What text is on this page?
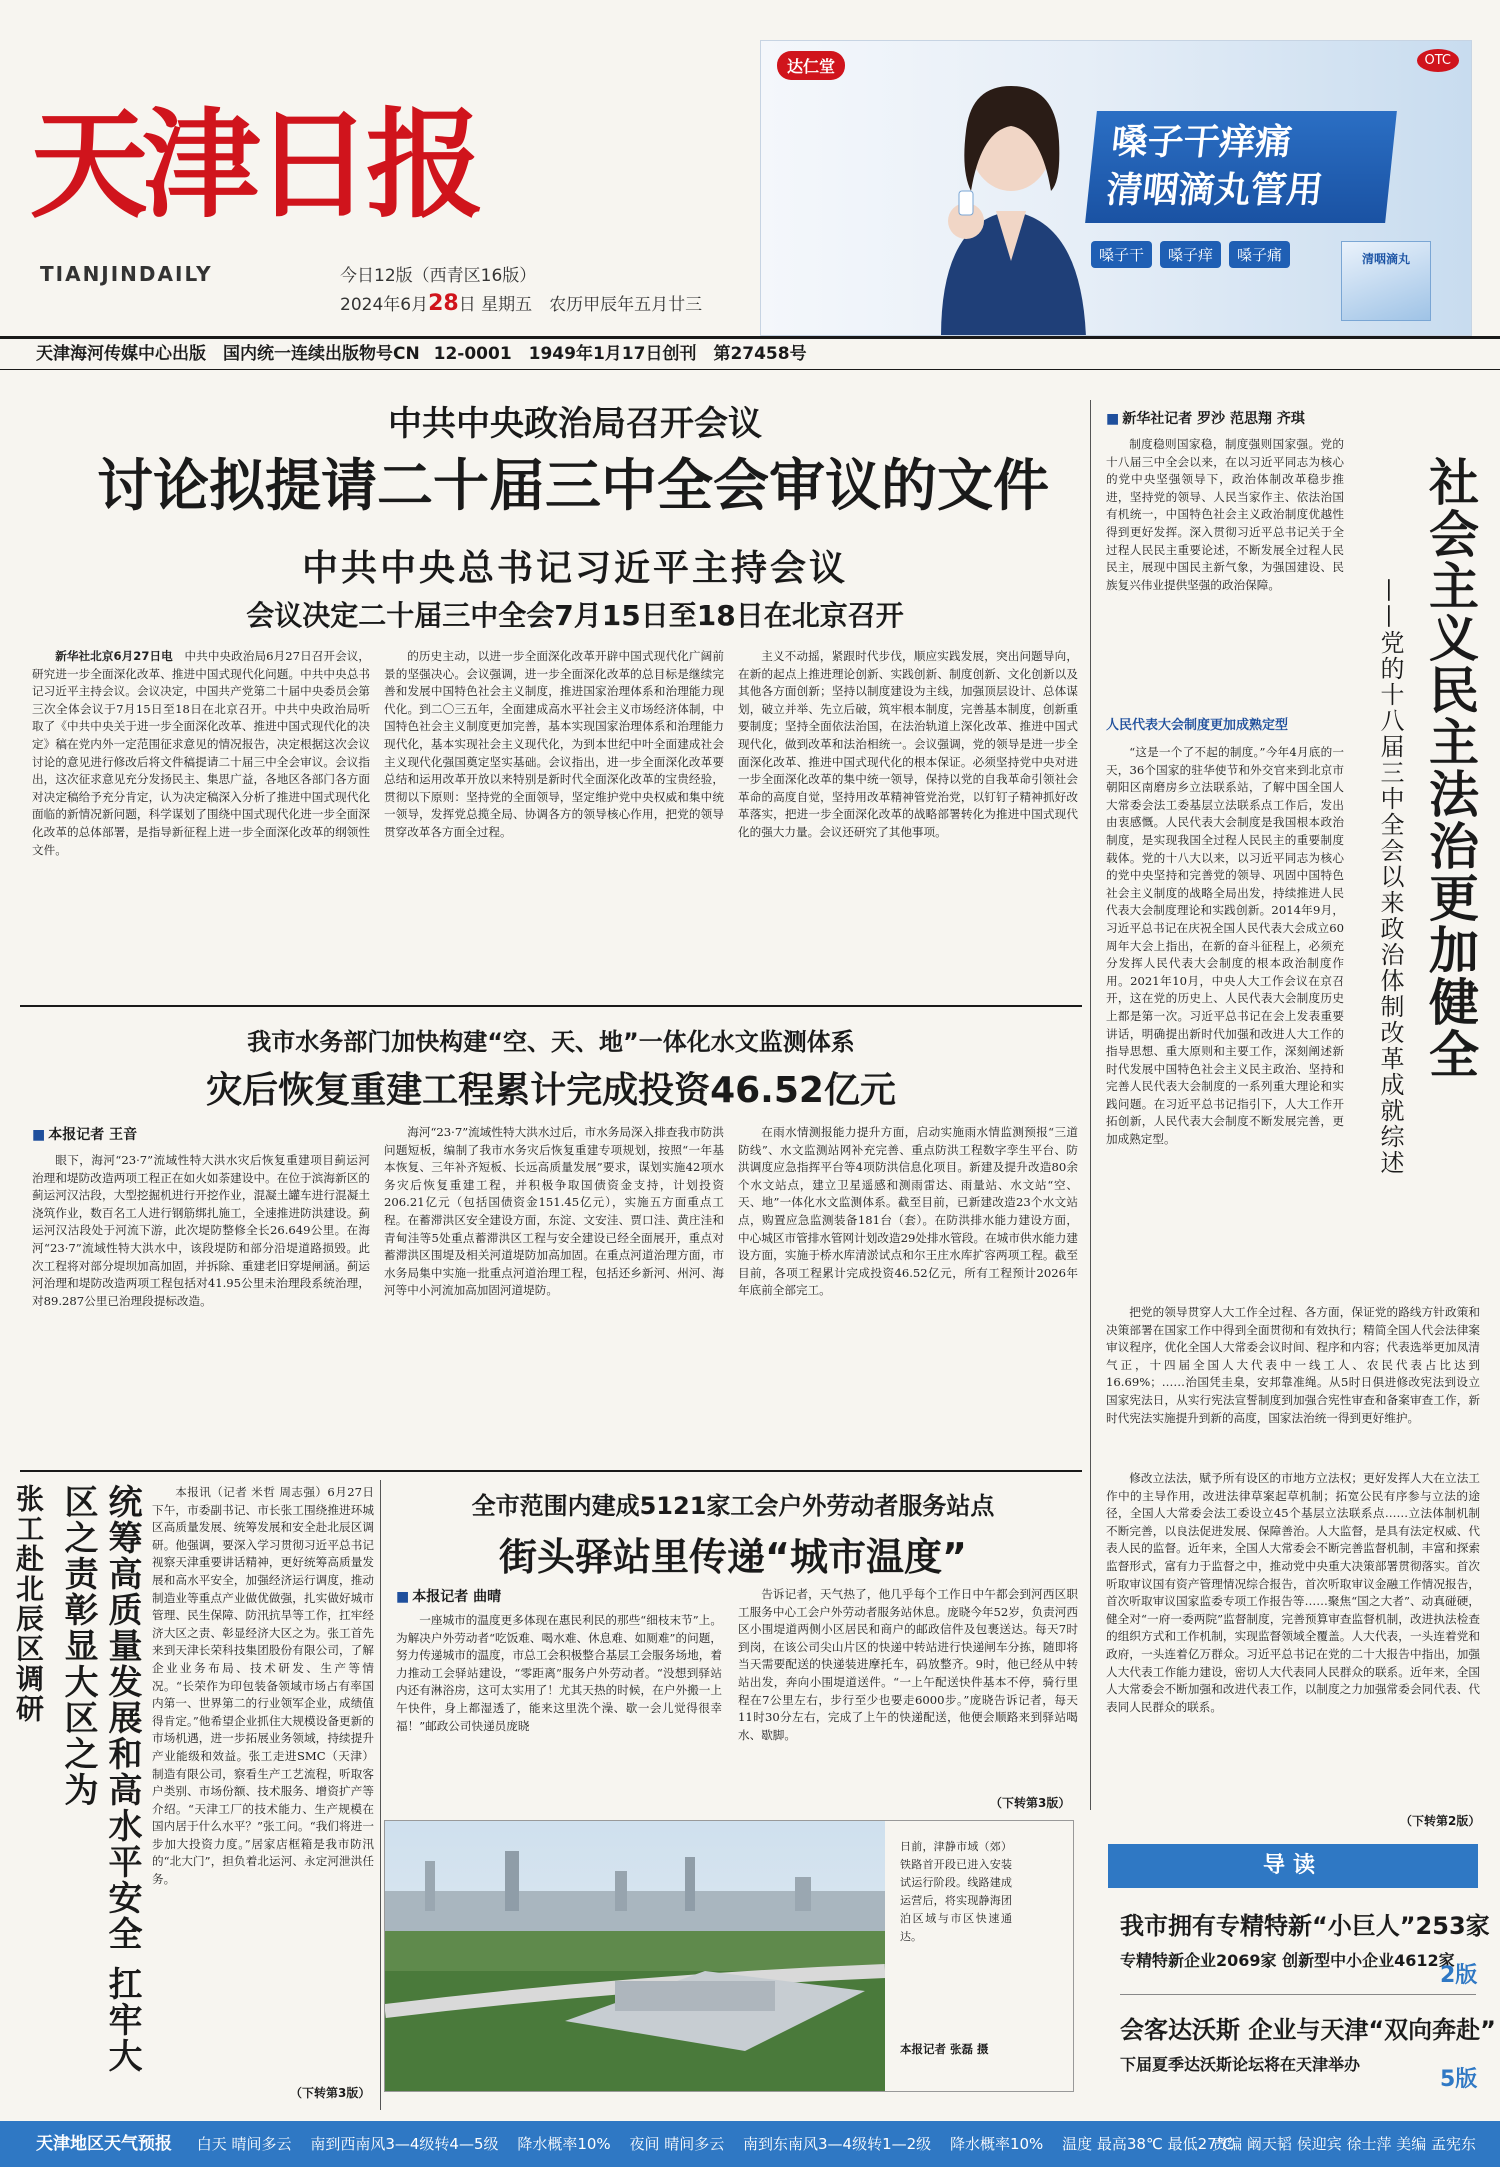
天津日报
TIANJINDAILY	今日12版（西青区16版）
2024年6月28日 星期五　农历甲辰年五月廿三
达仁堂	OTC
嗓子干痒痛
清咽滴丸管用
嗓子干	嗓子痒	嗓子痛	清咽滴丸
天津海河传媒中心出版　国内统一连续出版物号CN 12-0001　1949年1月17日创刊　第27458号
中共中央政治局召开会议
讨论拟提请二十届三中全会审议的文件
中共中央总书记习近平主持会议
会议决定二十届三中全会7月15日至18日在北京召开

新华社北京6月27日电　 中共中央政治局6月27日召开会议，研究进一步全面深化改革、推进中国式现代化问题。中共中央总书记习近平主持会议。会议决定，中国共产党第二十届中央委员会第三次全体会议于7月15日至18日在北京召开。中共中央政治局听取了《中共中央关于进一步全面深化改革、推进中国式现代化的决定》稿在党内外一定范围征求意见的情况报告，决定根据这次会议讨论的意见进行修改后将文件稿提请二十届三中全会审议。会议指出，这次征求意见充分发扬民主、集思广益，各地区各部门各方面对决定稿给予充分肯定，认为决定稿深入分析了推进中国式现代化面临的新情况新问题，科学谋划了围绕中国式现代化进一步全面深化改革的总体部署，是指导新征程上进一步全面深化改革的纲领性文件。

的历史主动，以进一步全面深化改革开辟中国式现代化广阔前景的坚强决心。会议强调，进一步全面深化改革的总目标是继续完善和发展中国特色社会主义制度，推进国家治理体系和治理能力现代化。到二〇三五年，全面建成高水平社会主义市场经济体制，中国特色社会主义制度更加完善，基本实现国家治理体系和治理能力现代化，基本实现社会主义现代化，为到本世纪中叶全面建成社会主义现代化强国奠定坚实基础。会议指出，进一步全面深化改革要总结和运用改革开放以来特别是新时代全面深化改革的宝贵经验，贯彻以下原则：坚持党的全面领导，坚定维护党中央权威和集中统一领导，发挥党总揽全局、协调各方的领导核心作用，把党的领导贯穿改革各方面全过程。

主义不动摇，紧跟时代步伐，顺应实践发展，突出问题导向，在新的起点上推进理论创新、实践创新、制度创新、文化创新以及其他各方面创新；坚持以制度建设为主线，加强顶层设计、总体谋划，破立并举、先立后破，筑牢根本制度，完善基本制度，创新重要制度；坚持全面依法治国，在法治轨道上深化改革、推进中国式现代化，做到改革和法治相统一。会议强调，党的领导是进一步全面深化改革、推进中国式现代化的根本保证。必须坚持党中央对进一步全面深化改革的集中统一领导，保持以党的自我革命引领社会革命的高度自觉，坚持用改革精神管党治党，以钉钉子精神抓好改革落实，把进一步全面深化改革的战略部署转化为推进中国式现代化的强大力量。会议还研究了其他事项。

我市水务部门加快构建“空、天、地”一体化水文监测体系
灾后恢复重建工程累计完成投资46.52亿元
■ 本报记者 王音

眼下，海河“23·7”流域性特大洪水灾后恢复重建项目蓟运河治理和堤防改造两项工程正在如火如荼建设中。在位于滨海新区的蓟运河汉沽段，大型挖掘机进行开挖作业，混凝土罐车进行混凝土浇筑作业，数百名工人进行钢筋绑扎施工，全速推进防洪建设。蓟运河汉沽段处于河流下游，此次堤防整修全长26.649公里。在海河“23·7”流域性特大洪水中，该段堤防和部分沿堤道路损毁。此次工程将对部分堤坝加高加固，并拆除、重建老旧穿堤闸涵。蓟运河治理和堤防改造两项工程包括对41.95公里未治理段系统治理，对89.287公里已治理段提标改造。

海河“23·7”流域性特大洪水过后，市水务局深入排查我市防洪问题短板，编制了我市水务灾后恢复重建专项规划，按照“一年基本恢复、三年补齐短板、长远高质量发展”要求，谋划实施42项水务灾后恢复重建工程，并积极争取国债资金支持，计划投资206.21亿元（包括国债资金151.45亿元），实施五方面重点工程。在蓄滞洪区安全建设方面，东淀、文安洼、贾口洼、黄庄洼和青甸洼等5处重点蓄滞洪区工程与安全建设已经全面展开，重点对蓄滞洪区围堤及相关河道堤防加高加固。在重点河道治理方面，市水务局集中实施一批重点河道治理工程，包括还乡新河、州河、海河等中小河流加高加固河道堤防。

在雨水情测报能力提升方面，启动实施雨水情监测预报“三道防线”、水文监测站网补充完善、重点防洪工程数字孪生平台、防洪调度应急指挥平台等4项防洪信息化项目。新建及提升改造80余个水文站点，建立卫星遥感和测雨雷达、雨量站、水文站“空、天、地”一体化水文监测体系。截至目前，已新建改造23个水文站点，购置应急监测装备181台（套）。在防洪排水能力建设方面，中心城区市管排水管网计划改造29处排水管段。在城市供水能力建设方面，实施于桥水库清淤试点和尔王庄水库扩容两项工程。截至目前，各项工程累计完成投资46.52亿元，所有工程预计2026年年底前全部完工。

张工赴北辰区调研	统筹高质量发展和高水平安全 扛牢大区之责彰显大区之为	本报讯（记者 米哲 周志强）6月27日下午，市委副书记、市长张工围绕推进环城区高质量发展、统筹发展和安全赴北辰区调研。他强调，要深入学习贯彻习近平总书记视察天津重要讲话精神，更好统筹高质量发展和高水平安全，加强经济运行调度，推动制造业等重点产业做优做强，扎实做好城市管理、民生保障、防汛抗旱等工作，扛牢经济大区之责、彰显经济大区之为。张工首先来到天津长荣科技集团股份有限公司，了解企业业务布局、技术研发、生产等情况。“长荣作为印包装备领域市场占有率国内第一、世界第二的行业领军企业，成绩值得肯定。”他希望企业抓住大规模设备更新的市场机遇，进一步拓展业务领域，持续提升产业能级和效益。张工走进SMC（天津）制造有限公司，察看生产工艺流程，听取客户类别、市场份额、技术服务、增资扩产等介绍。“天津工厂的技术能力、生产规模在国内居于什么水平？”张工问。“我们将进一步加大投资力度。”居家店框箱是我市防汛的“北大门”，担负着北运河、永定河泄洪任务。

（下转第3版）
全市范围内建成5121家工会户外劳动者服务站点
街头驿站里传递“城市温度”
■ 本报记者 曲晴

一座城市的温度更多体现在惠民利民的那些“细枝末节”上。为解决户外劳动者“吃饭难、喝水难、休息难、如厕难”的问题，努力传递城市的温度，市总工会积极整合基层工会服务场地，着力推动工会驿站建设，“零距离”服务户外劳动者。“没想到驿站内还有淋浴房，这可太实用了！尤其天热的时候，在户外搬一上午快件，身上都湿透了，能来这里洗个澡、歇一会儿觉得很幸福！”邮政公司快递员庞晓

告诉记者，天气热了，他几乎每个工作日中午都会到河西区职工服务中心工会户外劳动者服务站休息。庞晓今年52岁，负责河西区小围堤道两侧小区居民和商户的邮政信件及包裹送达。每天7时到岗，在该公司尖山片区的快递中转站进行快递闸车分拣，随即将当天需要配送的快递装进摩托车，码放整齐。9时，他已经从中转站出发，奔向小围堤道送件。“一上午配送快件基本不停，骑行里程在7公里左右，步行至少也要走6000步。”庞晓告诉记者，每天11时30分左右，完成了上午的快递配送，他便会顺路来到驿站喝水、歇脚。

（下转第3版）
日前，津静市域（郊）铁路首开段已进入安装试运行阶段。线路建成运营后，将实现静海团泊区域与市区快速通达。
本报记者 张磊 摄
■ 新华社记者 罗沙 范思翔 齐琪

制度稳则国家稳，制度强则国家强。党的十八届三中全会以来，在以习近平同志为核心的党中央坚强领导下，政治体制改革稳步推进，坚持党的领导、人民当家作主、依法治国有机统一，中国特色社会主义政治制度优越性得到更好发挥。深入贯彻习近平总书记关于全过程人民民主重要论述，不断发展全过程人民民主，展现中国民主新气象，为强国建设、民族复兴伟业提供坚强的政治保障。	社会主义民主法治更加健全
——党的十八届三中全会以来政治体制改革成就综述
人民代表大会制度更加成熟定型

“这是一个了不起的制度。”今年4月底的一天，36个国家的驻华使节和外交官来到北京市朝阳区南磨房乡立法联系站，了解中国全国人大常委会法工委基层立法联系点工作后，发出由衷感慨。人民代表大会制度是我国根本政治制度，是实现我国全过程人民民主的重要制度载体。党的十八大以来，以习近平同志为核心的党中央坚持和完善党的领导、巩固中国特色社会主义制度的战略全局出发，持续推进人民代表大会制度理论和实践创新。2014年9月，习近平总书记在庆祝全国人民代表大会成立60周年大会上指出，在新的奋斗征程上，必须充分发挥人民代表大会制度的根本政治制度作用。2021年10月，中央人大工作会议在京召开，这在党的历史上、人民代表大会制度历史上都是第一次。习近平总书记在会上发表重要讲话，明确提出新时代加强和改进人大工作的指导思想、重大原则和主要工作，深刻阐述新时代发展中国特色社会主义民主政治、坚持和完善人民代表大会制度的一系列重大理论和实践问题。在习近平总书记指引下，人大工作开拓创新，人民代表大会制度不断发展完善，更加成熟定型。

把党的领导贯穿人大工作全过程、各方面，保证党的路线方针政策和决策部署在国家工作中得到全面贯彻和有效执行；精简全国人代会法律案审议程序，优化全国人大常委会议时间、程序和内容；代表选举更加凤清气正，十四届全国人大代表中一线工人、农民代表占比达到16.69%；……治国凭圭臬，安邦靠准绳。从5时日俱进修改宪法到设立国家宪法日，从实行宪法宣誓制度到加强合宪性审查和备案审查工作，新时代宪法实施提升到新的高度，国家法治统一得到更好维护。

修改立法法，赋予所有设区的市地方立法权；更好发挥人大在立法工作中的主导作用，改进法律草案起草机制；拓宽公民有序参与立法的途径，全国人大常委会法工委设立45个基层立法联系点……立法体制机制不断完善，以良法促进发展、保障善治。人大监督，是具有法定权威、代表人民的监督。近年来，全国人大常委会不断完善监督机制，丰富和探索监督形式，富有力于监督之中，推动党中央重大决策部署贯彻落实。首次听取审议国有资产管理情况综合报告，首次听取审议金融工作情况报告，首次听取审议国家监委专项工作报告等……聚焦“国之大者”、动真碰硬，健全对“一府一委两院”监督制度，完善预算审查监督机制，改进执法检查的组织方式和工作机制，实现监督领域全覆盖。人大代表，一头连着党和政府，一头连着亿万群众。习近平总书记在党的二十大报告中指出，加强人大代表工作能力建设，密切人大代表同人民群众的联系。近年来，全国人大常委会不断加强和改进代表工作，以制度之力加强常委会同代表、代表同人民群众的联系。

（下转第2版）
导读
我市拥有专精特新“小巨人”253家
专精特新企业2069家 创新型中小企业4612家
2版
会客达沃斯 企业与天津“双向奔赴”
下届夏季达沃斯论坛将在天津举办
5版
天津地区天气预报 白天 晴间多云 南到西南风3—4级转4—5级 降水概率10% 夜间 晴间多云 南到东南风3—4级转1—2级 降水概率10% 温度 最高38℃ 最低27℃
责编 阚天韬 侯迎宾 徐士萍 美编 孟宪东
